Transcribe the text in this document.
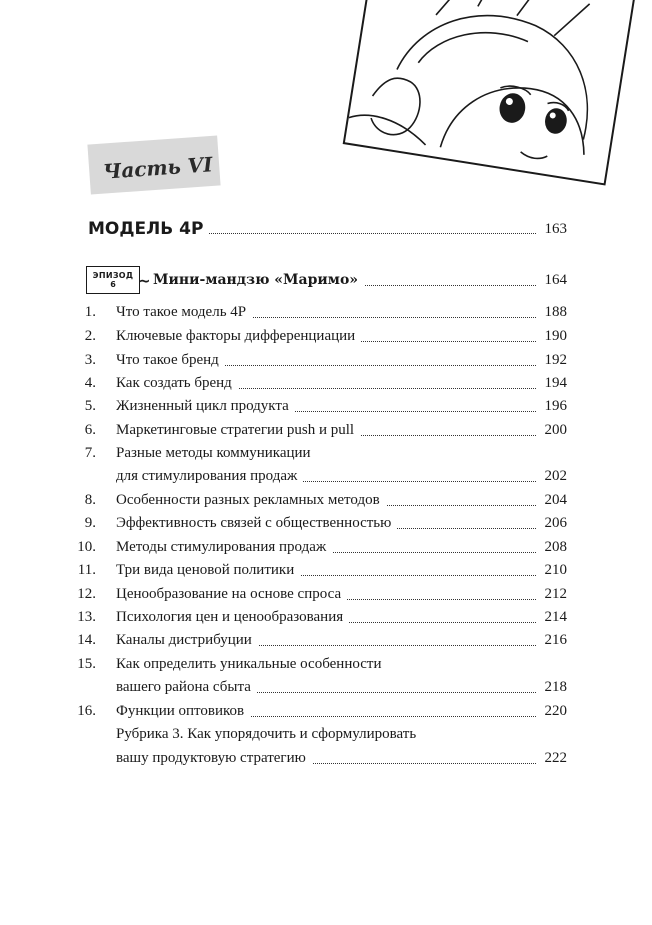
Часть VI
МОДЕЛЬ 4P	163
ЭПИЗОД
6	~ Мини-мандзю «Маримо»	164
1. Что такое модель 4P	188
2. Ключевые факторы дифференциации	190
3. Что такое бренд	192
4. Как создать бренд	194
5. Жизненный цикл продукта	196
6. Маркетинговые стратегии push и pull	200
7. Разные методы коммуникации
для стимулирования продаж	202
8. Особенности разных рекламных методов	204
9. Эффективность связей с общественностью	206
10. Методы стимулирования продаж	208
11. Три вида ценовой политики	210
12. Ценообразование на основе спроса	212
13. Психология цен и ценообразования	214
14. Каналы дистрибуции	216
15. Как определить уникальные особенности
вашего района сбыта	218
16. Функции оптовиков	220
Рубрика 3. Как упорядочить и сформулировать
вашу продуктовую стратегию	222
